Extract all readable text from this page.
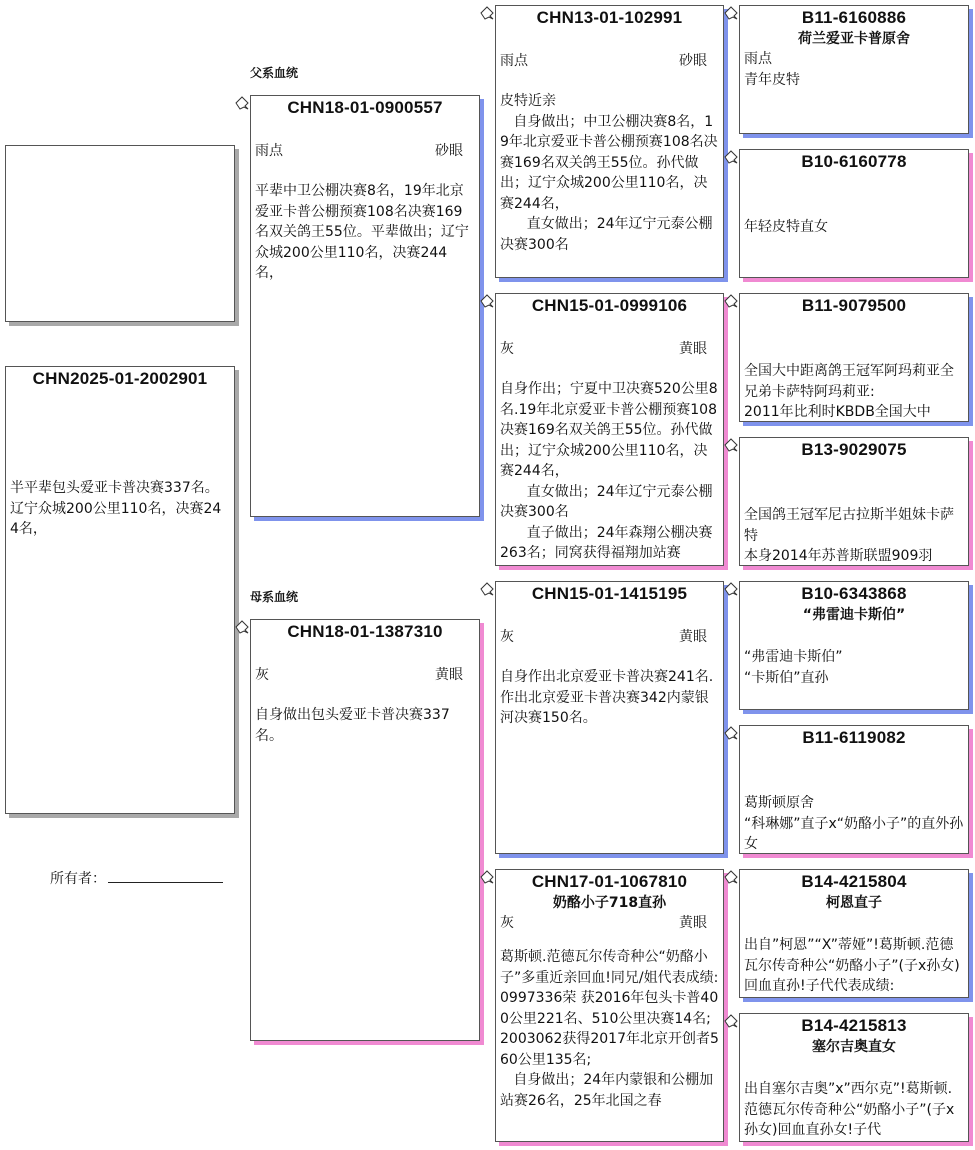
父系血统
母系血统
CHN2025-01-2002901
半平辈包头爱亚卡普决赛337名。辽宁众城200公里110名，决赛244名，
所有者：
CHN18-01-0900557
雨点	砂眼
平辈中卫公棚决赛8名，19年北京爱亚卡普公棚预赛108名决赛169名双关鸽王55位。平辈做出；辽宁众城200公里110名，决赛244名，
CHN18-01-1387310
灰	黄眼
自身做出包头爱亚卡普决赛337名。
CHN13-01-102991
雨点	砂眼
皮特近亲
自身做出；中卫公棚决赛8名，19年北京爱亚卡普公棚预赛108名决赛169名双关鸽王55位。孙代做出；辽宁众城200公里110名，决赛244名，
直女做出；24年辽宁元泰公棚决赛300名
CHN15-01-0999106
灰	黄眼
自身作出；宁夏中卫决赛520公里8名.19年北京爱亚卡普公棚预赛108决赛169名双关鸽王55位。孙代做出；辽宁众城200公里110名，决赛244名，
直女做出；24年辽宁元泰公棚决赛300名
直子做出；24年森翔公棚决赛263名；同窝获得福翔加站赛
CHN15-01-1415195
灰	黄眼
自身作出北京爱亚卡普决赛241名.作出北京爱亚卡普决赛342内蒙银河决赛150名。
CHN17-01-1067810
奶酪小子718直孙
灰	黄眼
葛斯顿.范德瓦尔传奇种公“奶酪小子”多重近亲回血!同兄/姐代表成绩: 0997336荣 获2016年包头卡普400公里221名、510公里决赛14名; 2003062获得2017年北京开创者560公里135名;
自身做出；24年内蒙银和公棚加站赛26名，25年北国之春
B11-6160886
荷兰爱亚卡普原舍
雨点
青年皮特
B10-6160778
年轻皮特直女
B11-9079500
全国大中距离鸽王冠军阿玛莉亚全兄弟卡萨特阿玛莉亚:
2011年比利时KBDB全国大中
B13-9029075
全国鸽王冠军尼古拉斯半姐妹卡萨特
本身2014年苏普斯联盟909羽
B10-6343868
“弗雷迪卡斯伯”
“弗雷迪卡斯伯”
“卡斯伯”直孙
B11-6119082
葛斯顿原舍
“科琳娜”直子x“奶酪小子”的直外孙女
B14-4215804
柯恩直子
出自”柯恩”“X”蒂娅”!葛斯顿.范德瓦尔传奇种公“奶酪小子”(子x孙女)回血直孙!子代代表成绩:
B14-4215813
塞尔吉奥直女
出自塞尔吉奥”x”西尔克”!葛斯顿.范德瓦尔传奇种公“奶酪小子”(子x孙女)回血直孙女!子代
